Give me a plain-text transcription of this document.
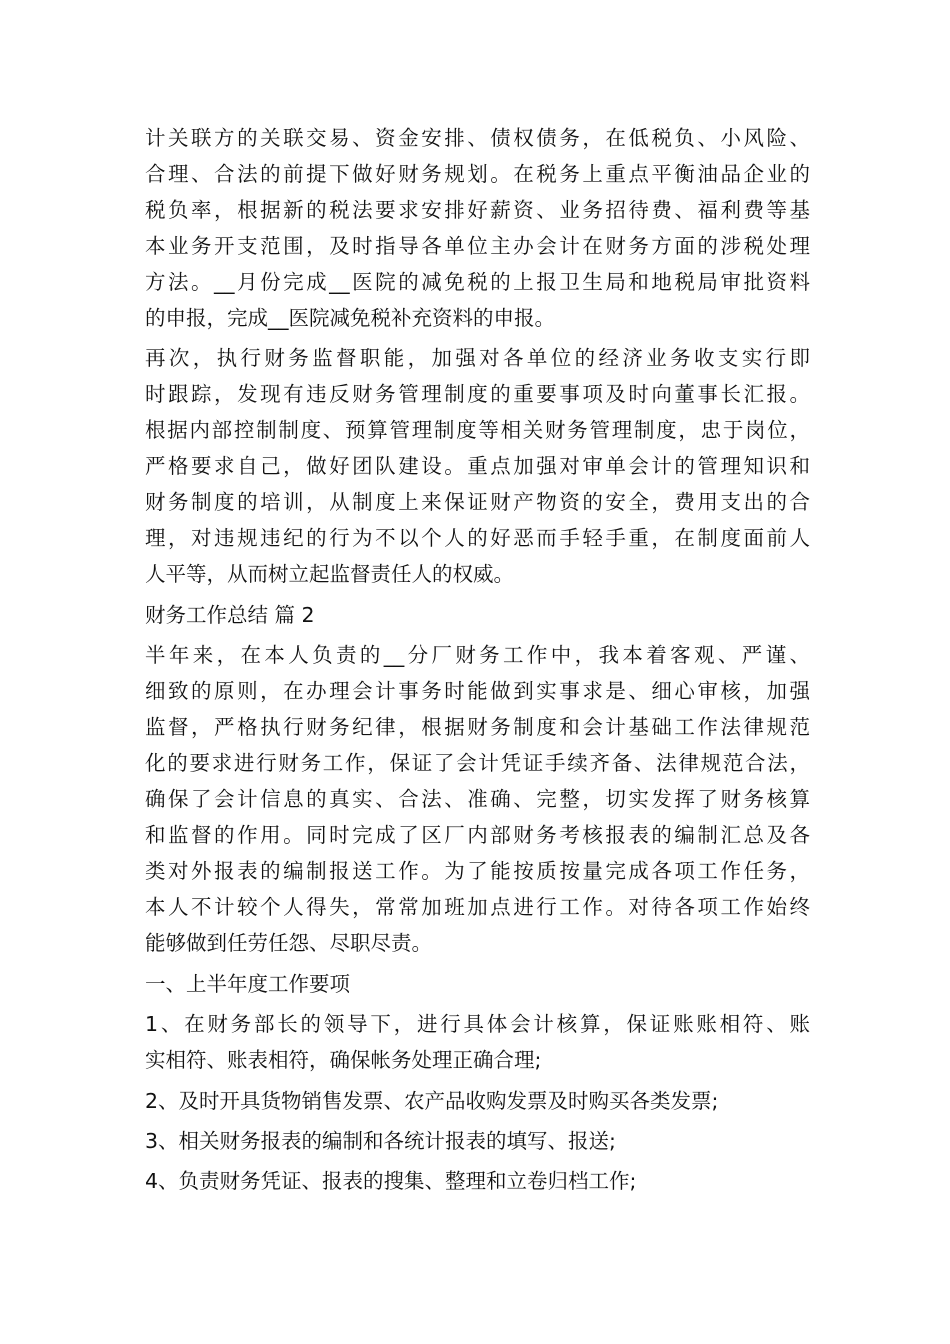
计关联方的关联交易、资金安排、债权债务，在低税负、小风险、
合理、合法的前提下做好财务规划。在税务上重点平衡油品企业的
税负率，根据新的税法要求安排好薪资、业务招待费、福利费等基
本业务开支范围，及时指导各单位主办会计在财务方面的涉税处理
方法。__月份完成__医院的减免税的上报卫生局和地税局审批资料
的申报，完成__医院减免税补充资料的申报。
再次，执行财务监督职能，加强对各单位的经济业务收支实行即
时跟踪，发现有违反财务管理制度的重要事项及时向董事长汇报。
根据内部控制制度、预算管理制度等相关财务管理制度，忠于岗位，
严格要求自己，做好团队建设。重点加强对审单会计的管理知识和
财务制度的培训，从制度上来保证财产物资的安全，费用支出的合
理，对违规违纪的行为不以个人的好恶而手轻手重，在制度面前人
人平等，从而树立起监督责任人的权威。
财务工作总结 篇 2
半年来，在本人负责的__分厂财务工作中，我本着客观、严谨、
细致的原则，在办理会计事务时能做到实事求是、细心审核，加强
监督，严格执行财务纪律，根据财务制度和会计基础工作法律规范
化的要求进行财务工作，保证了会计凭证手续齐备、法律规范合法，
确保了会计信息的真实、合法、准确、完整，切实发挥了财务核算
和监督的作用。同时完成了区厂内部财务考核报表的编制汇总及各
类对外报表的编制报送工作。为了能按质按量完成各项工作任务，
本人不计较个人得失，常常加班加点进行工作。对待各项工作始终
能够做到任劳任怨、尽职尽责。
一、上半年度工作要项
1、在财务部长的领导下，进行具体会计核算，保证账账相符、账
实相符、账表相符，确保帐务处理正确合理;
2、及时开具货物销售发票、农产品收购发票及时购买各类发票;
3、相关财务报表的编制和各统计报表的填写、报送;
4、负责财务凭证、报表的搜集、整理和立卷归档工作;
